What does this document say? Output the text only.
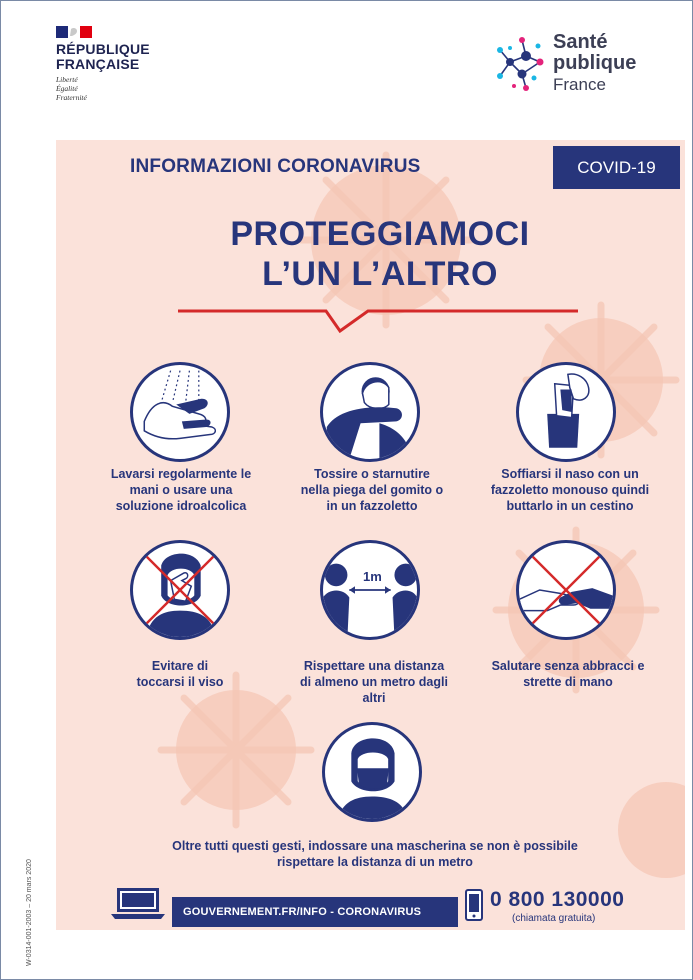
RÉPUBLIQUE
FRANÇAISE
Liberté
Égalité
Fraternité
Santé
publique
France
INFORMAZIONI CORONAVIRUS	COVID-19
PROTEGGIAMOCI
L’UN L’ALTRO
Lavarsi regolarmente le mani o usare una soluzione idroalcolica
Tossire o starnutire nella piega del gomito o in un fazzoletto
Soffiarsi il naso con un fazzoletto monouso quindi buttarlo in un cestino
1m
Evitare di toccarsi il viso
Rispettare una distanza di almeno un metro dagli altri
Salutare senza abbracci e strette di mano
Oltre tutti questi gesti, indossare una mascherina se non è possibile
rispettare la distanza di un metro
GOUVERNEMENT.FR/INFO - CORONAVIRUS
0 800 130000
(chiamata gratuita)
W-0314-001-2003 – 20 mars 2020
